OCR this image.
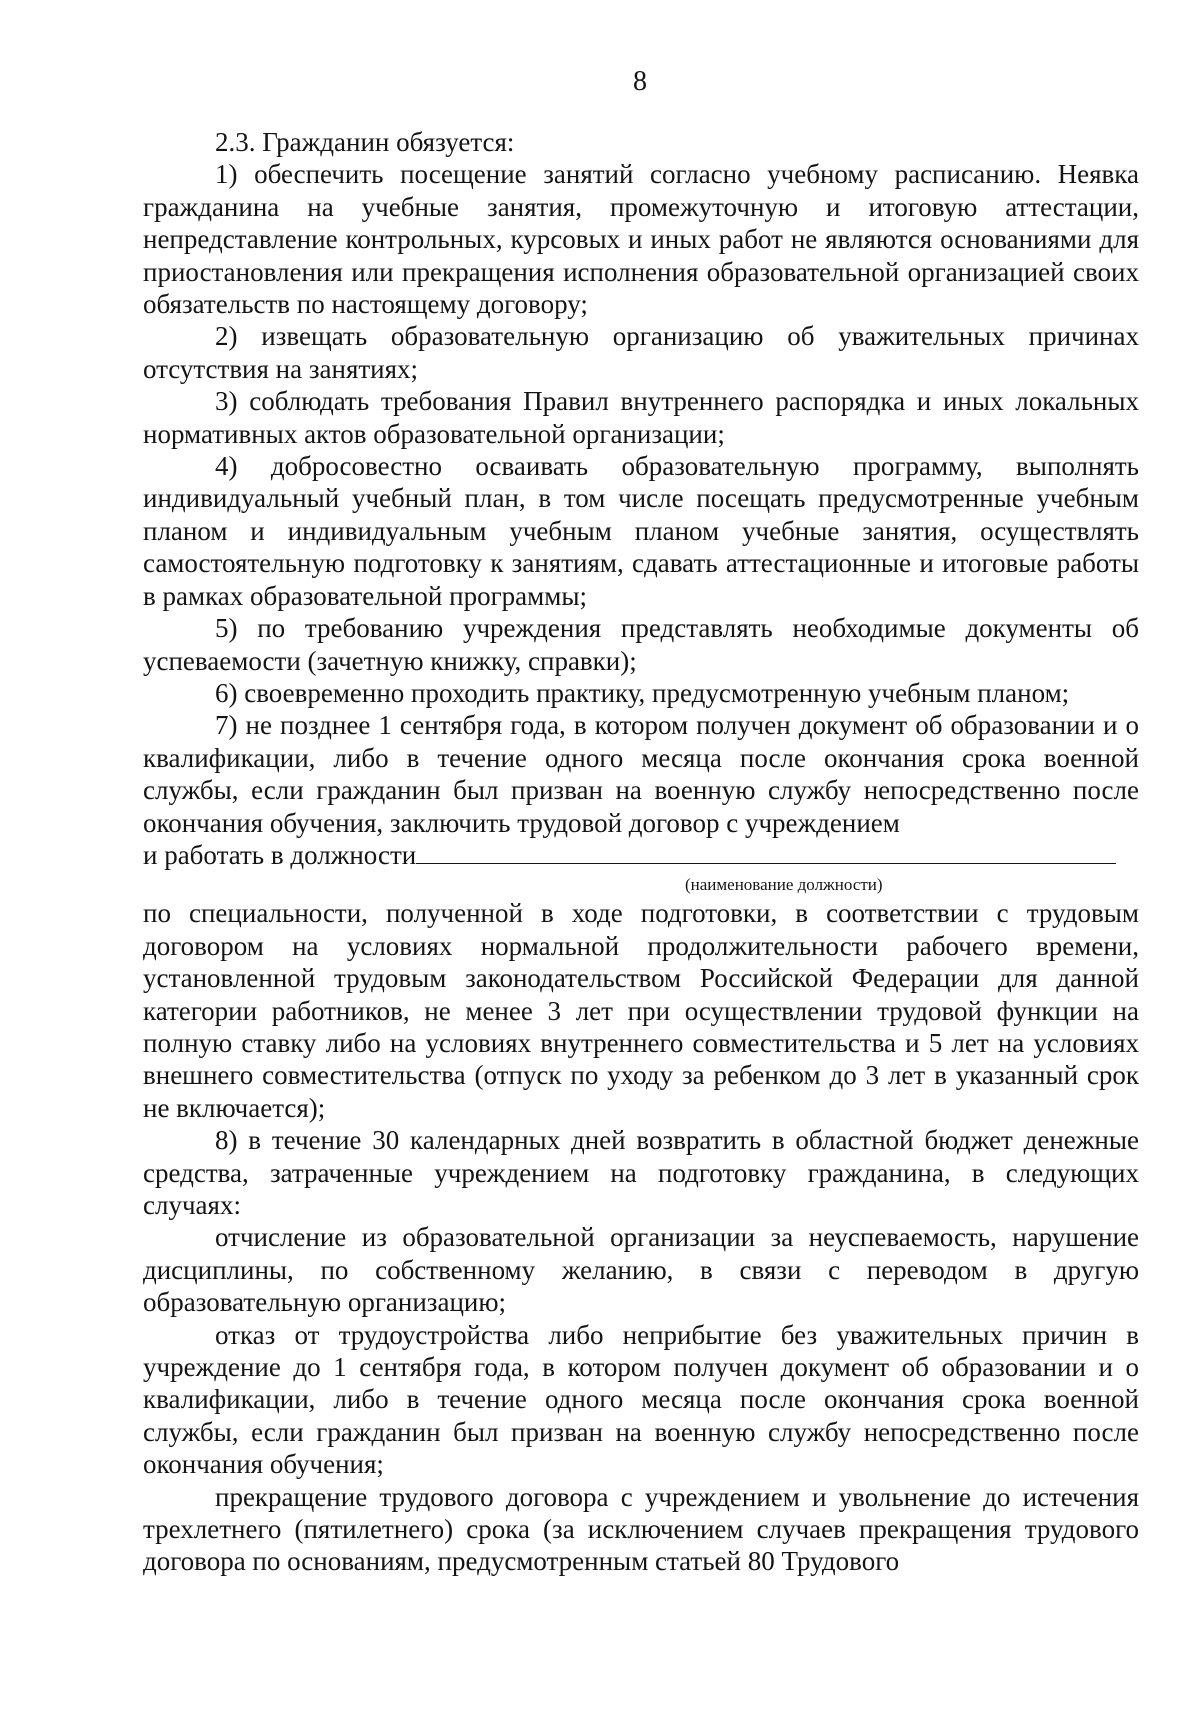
8

2.3. Гражданин обязуется:

1) обеспечить посещение занятий согласно учебному расписанию. Неявка гражданина на учебные занятия, промежуточную и итоговую аттестации, непредставление контрольных, курсовых и иных работ не являются основаниями для приостановления или прекращения исполнения образовательной организацией своих обязательств по настоящему договору;

2) извещать образовательную организацию об уважительных причинах отсутствия на занятиях;

3) соблюдать требования Правил внутреннего распорядка и иных локальных нормативных актов образовательной организации;

4) добросовестно осваивать образовательную программу, выполнять индивидуальный учебный план, в том числе посещать предусмотренные учебным планом и индивидуальным учебным планом учебные занятия, осуществлять самостоятельную подготовку к занятиям, сдавать аттестационные и итоговые работы в рамках образовательной программы;

5) по требованию учреждения представлять необходимые документы об успеваемости (зачетную книжку, справки);

6) своевременно проходить практику, предусмотренную учебным планом;

7) не позднее 1 сентября года, в котором получен документ об образовании и о квалификации, либо в течение одного месяца после окончания срока военной службы, если гражданин был призван на военную службу непосредственно после окончания обучения, заключить трудовой договор с учреждением

и работать в должности

(наименование должности)

по специальности, полученной в ходе подготовки, в соответствии с трудовым договором на условиях нормальной продолжительности рабочего времени, установленной трудовым законодательством Российской Федерации для данной категории работников, не менее 3 лет при осуществлении трудовой функции на полную ставку либо на условиях внутреннего совместительства и 5 лет на условиях внешнего совместительства (отпуск по уходу за ребенком до 3 лет в указанный срок не включается);

8) в течение 30 календарных дней возвратить в областной бюджет денежные средства, затраченные учреждением на подготовку гражданина, в следующих случаях:

отчисление из образовательной организации за неуспеваемость, нарушение дисциплины, по собственному желанию, в связи с переводом в другую образовательную организацию;

отказ от трудоустройства либо неприбытие без уважительных причин в учреждение до 1 сентября года, в котором получен документ об образовании и о квалификации, либо в течение одного месяца после окончания срока военной службы, если гражданин был призван на военную службу непосредственно после окончания обучения;

прекращение трудового договора с учреждением и увольнение до истечения трехлетнего (пятилетнего) срока (за исключением случаев прекращения трудового договора по основаниям, предусмотренным статьей 80 Трудового
